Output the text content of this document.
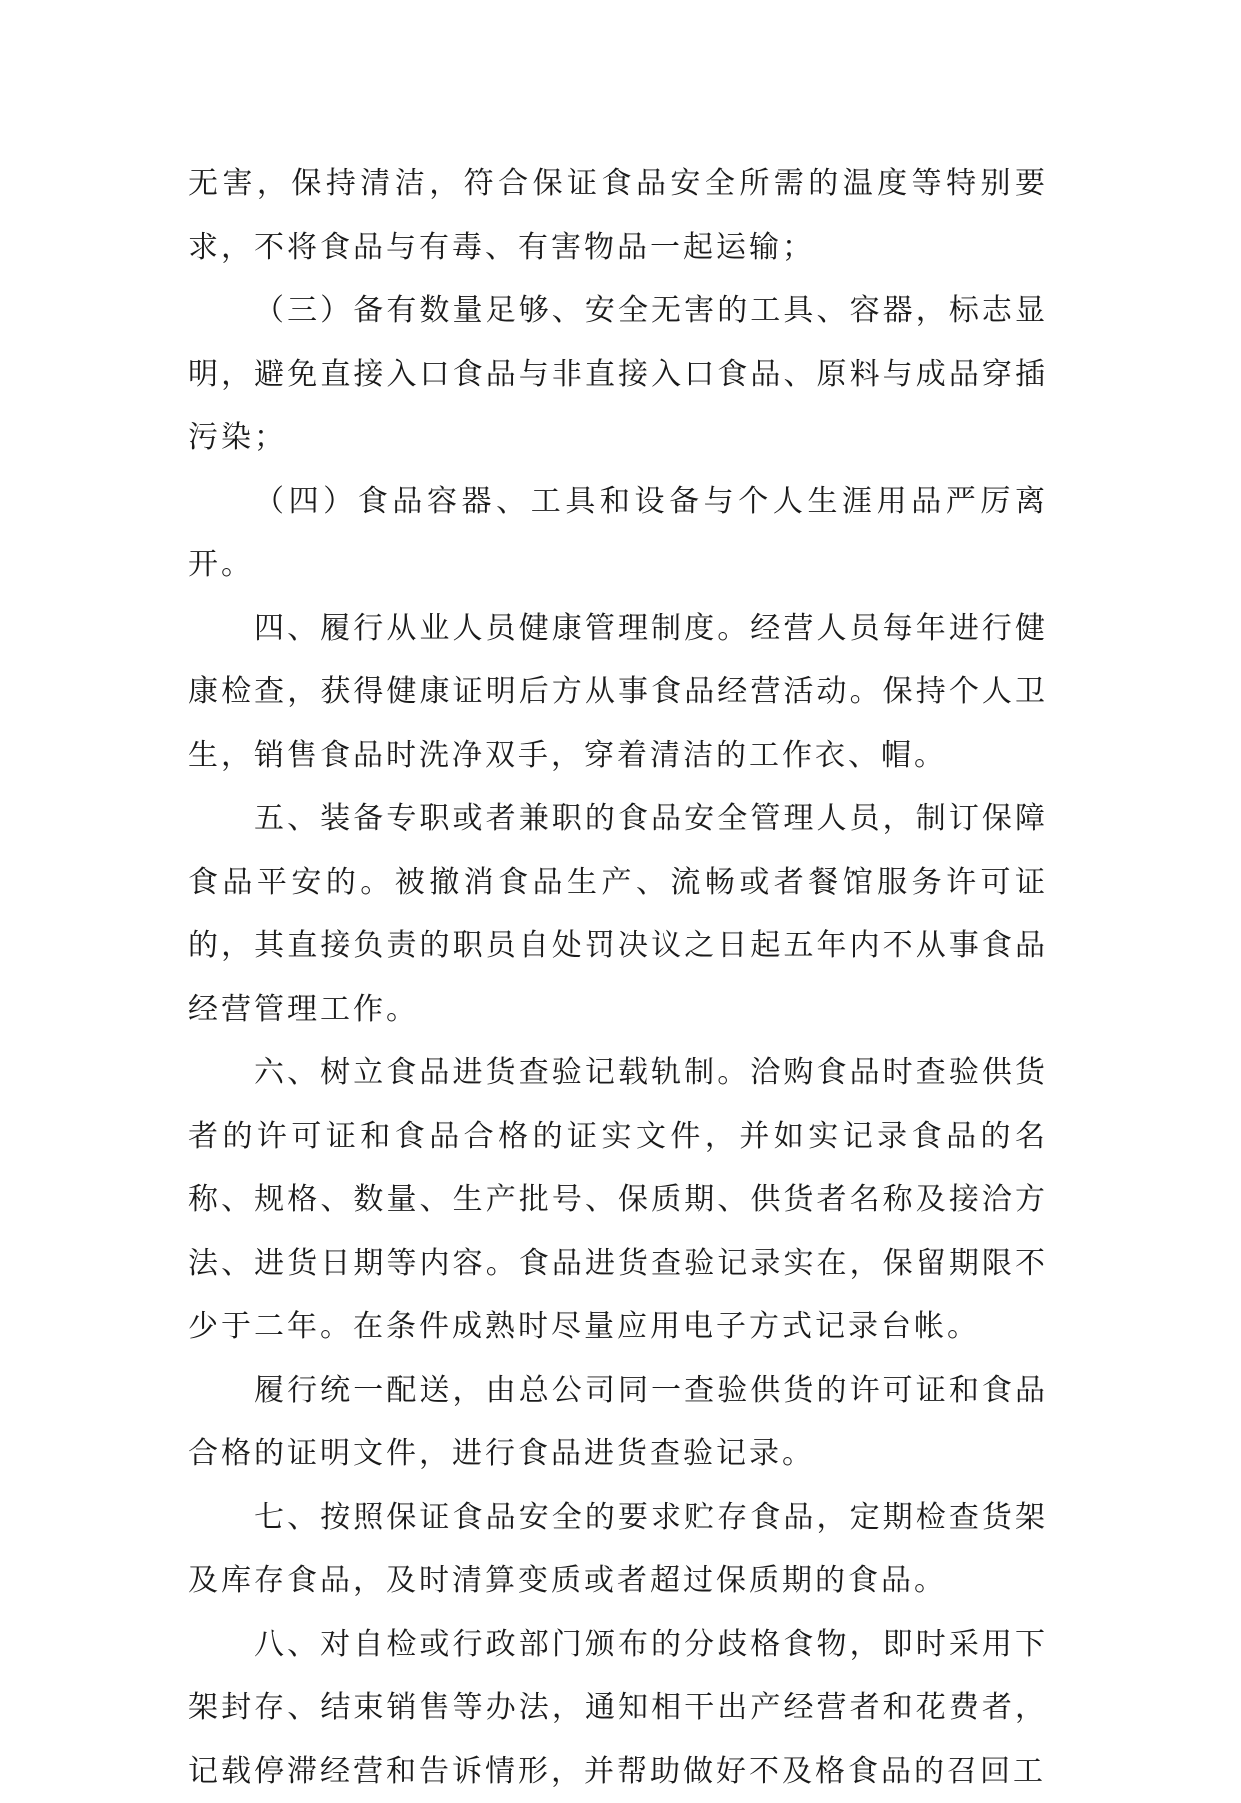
无害，保持清洁，符合保证食品安全所需的温度等特别要求，不将食品与有毒、有害物品一起运输；

（三）备有数量足够、安全无害的工具、容器，标志显明，避免直接入口食品与非直接入口食品、原料与成品穿插污染；

（四）食品容器、工具和设备与个人生涯用品严厉离开。

四、履行从业人员健康管理制度。经营人员每年进行健康检查，获得健康证明后方从事食品经营活动。保持个人卫生，销售食品时洗净双手，穿着清洁的工作衣、帽。

五、装备专职或者兼职的食品安全管理人员，制订保障食品平安的。被撤消食品生产、流畅或者餐馆服务许可证的，其直接负责的职员自处罚决议之日起五年内不从事食品经营管理工作。

六、树立食品进货查验记载轨制。洽购食品时查验供货者的许可证和食品合格的证实文件，并如实记录食品的名称、规格、数量、生产批号、保质期、供货者名称及接洽方法、进货日期等内容。食品进货查验记录实在，保留期限不少于二年。在条件成熟时尽量应用电子方式记录台帐。

履行统一配送，由总公司同一查验供货的许可证和食品合格的证明文件，进行食品进货查验记录。

七、按照保证食品安全的要求贮存食品，定期检查货架及库存食品，及时清算变质或者超过保质期的食品。

八、对自检或行政部门颁布的分歧格食物，即时采用下架封存、结束销售等办法，通知相干出产经营者和花费者，记载停滞经营和告诉情形，并帮助做好不及格食品的召回工
